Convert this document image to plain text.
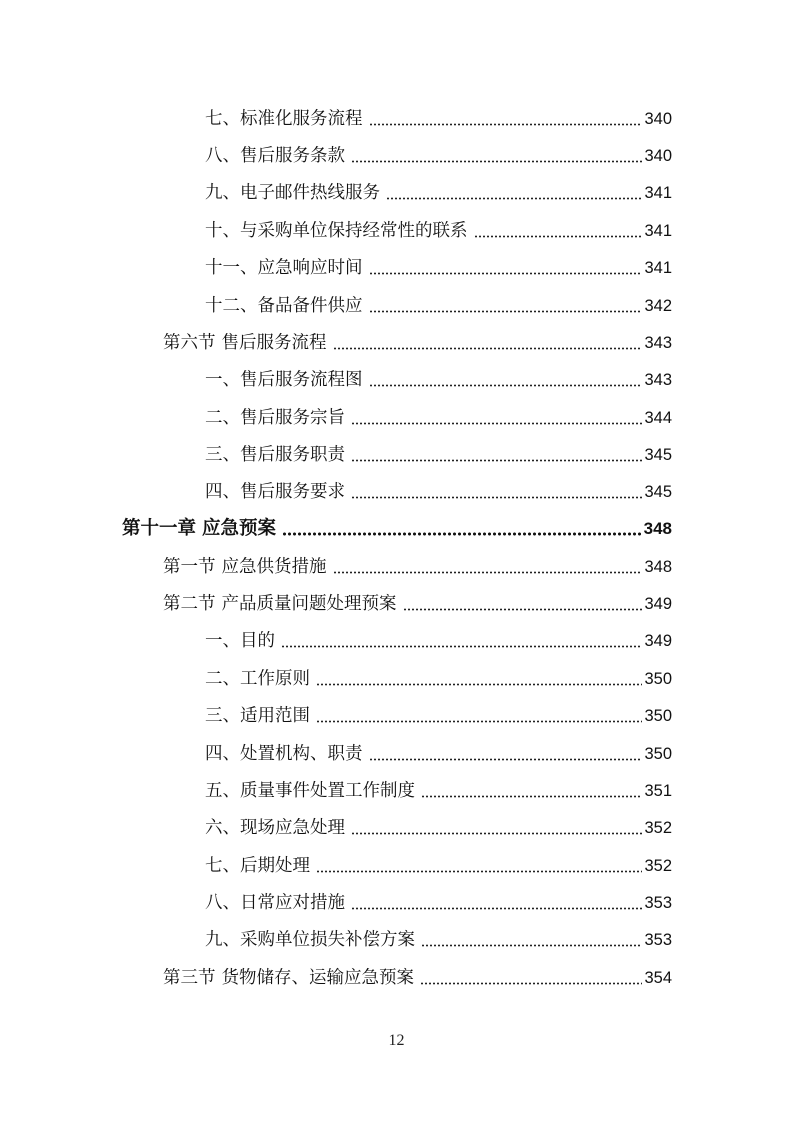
七、标准化服务流程	340
八、售后服务条款	340
九、电子邮件热线服务	341
十、与采购单位保持经常性的联系	341
十一、应急响应时间	341
十二、备品备件供应	342
第六节 售后服务流程	343
一、售后服务流程图	343
二、售后服务宗旨	344
三、售后服务职责	345
四、售后服务要求	345
第十一章 应急预案	348
第一节 应急供货措施	348
第二节 产品质量问题处理预案	349
一、目的	349
二、工作原则	350
三、适用范围	350
四、处置机构、职责	350
五、质量事件处置工作制度	351
六、现场应急处理	352
七、后期处理	352
八、日常应对措施	353
九、采购单位损失补偿方案	353
第三节 货物储存、运输应急预案	354
12
